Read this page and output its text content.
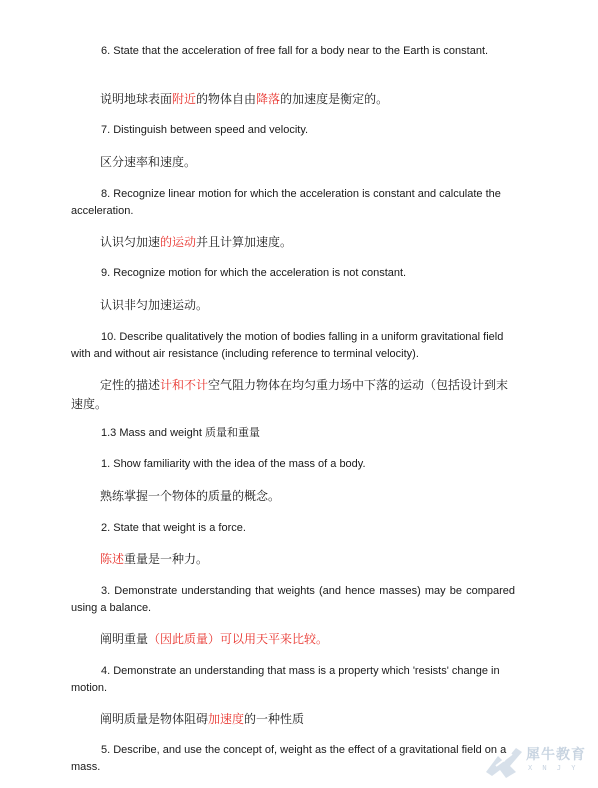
6. State that the acceleration of free fall for a body near to the Earth is constant.

说明地球表面附近的物体自由降落的加速度是衡定的。

7. Distinguish between speed and velocity.

区分速率和速度。

8. Recognize linear motion for which the acceleration is constant and calculate the acceleration.

认识匀加速的运动并且计算加速度。

9. Recognize motion for which the acceleration is not constant.

认识非匀加速运动。

10. Describe qualitatively the motion of bodies falling in a uniform gravitational field with and without air resistance (including reference to terminal velocity).

定性的描述计和不计空气阻力物体在均匀重力场中下落的运动（包括设计到末速度。

1.3 Mass and weight 质量和重量

1. Show familiarity with the idea of the mass of a body.

熟练掌握一个物体的质量的概念。

2. State that weight is a force.

陈述重量是一种力。

3. Demonstrate understanding that weights (and hence masses) may be compared using a balance.

阐明重量（因此质量）可以用天平来比较。

4. Demonstrate an understanding that mass is a property which 'resists' change in motion.

阐明质量是物体阻碍加速度的一种性质

5. Describe, and use the concept of, weight as the effect of a gravitational field on a mass.

犀牛教育
X N J Y
